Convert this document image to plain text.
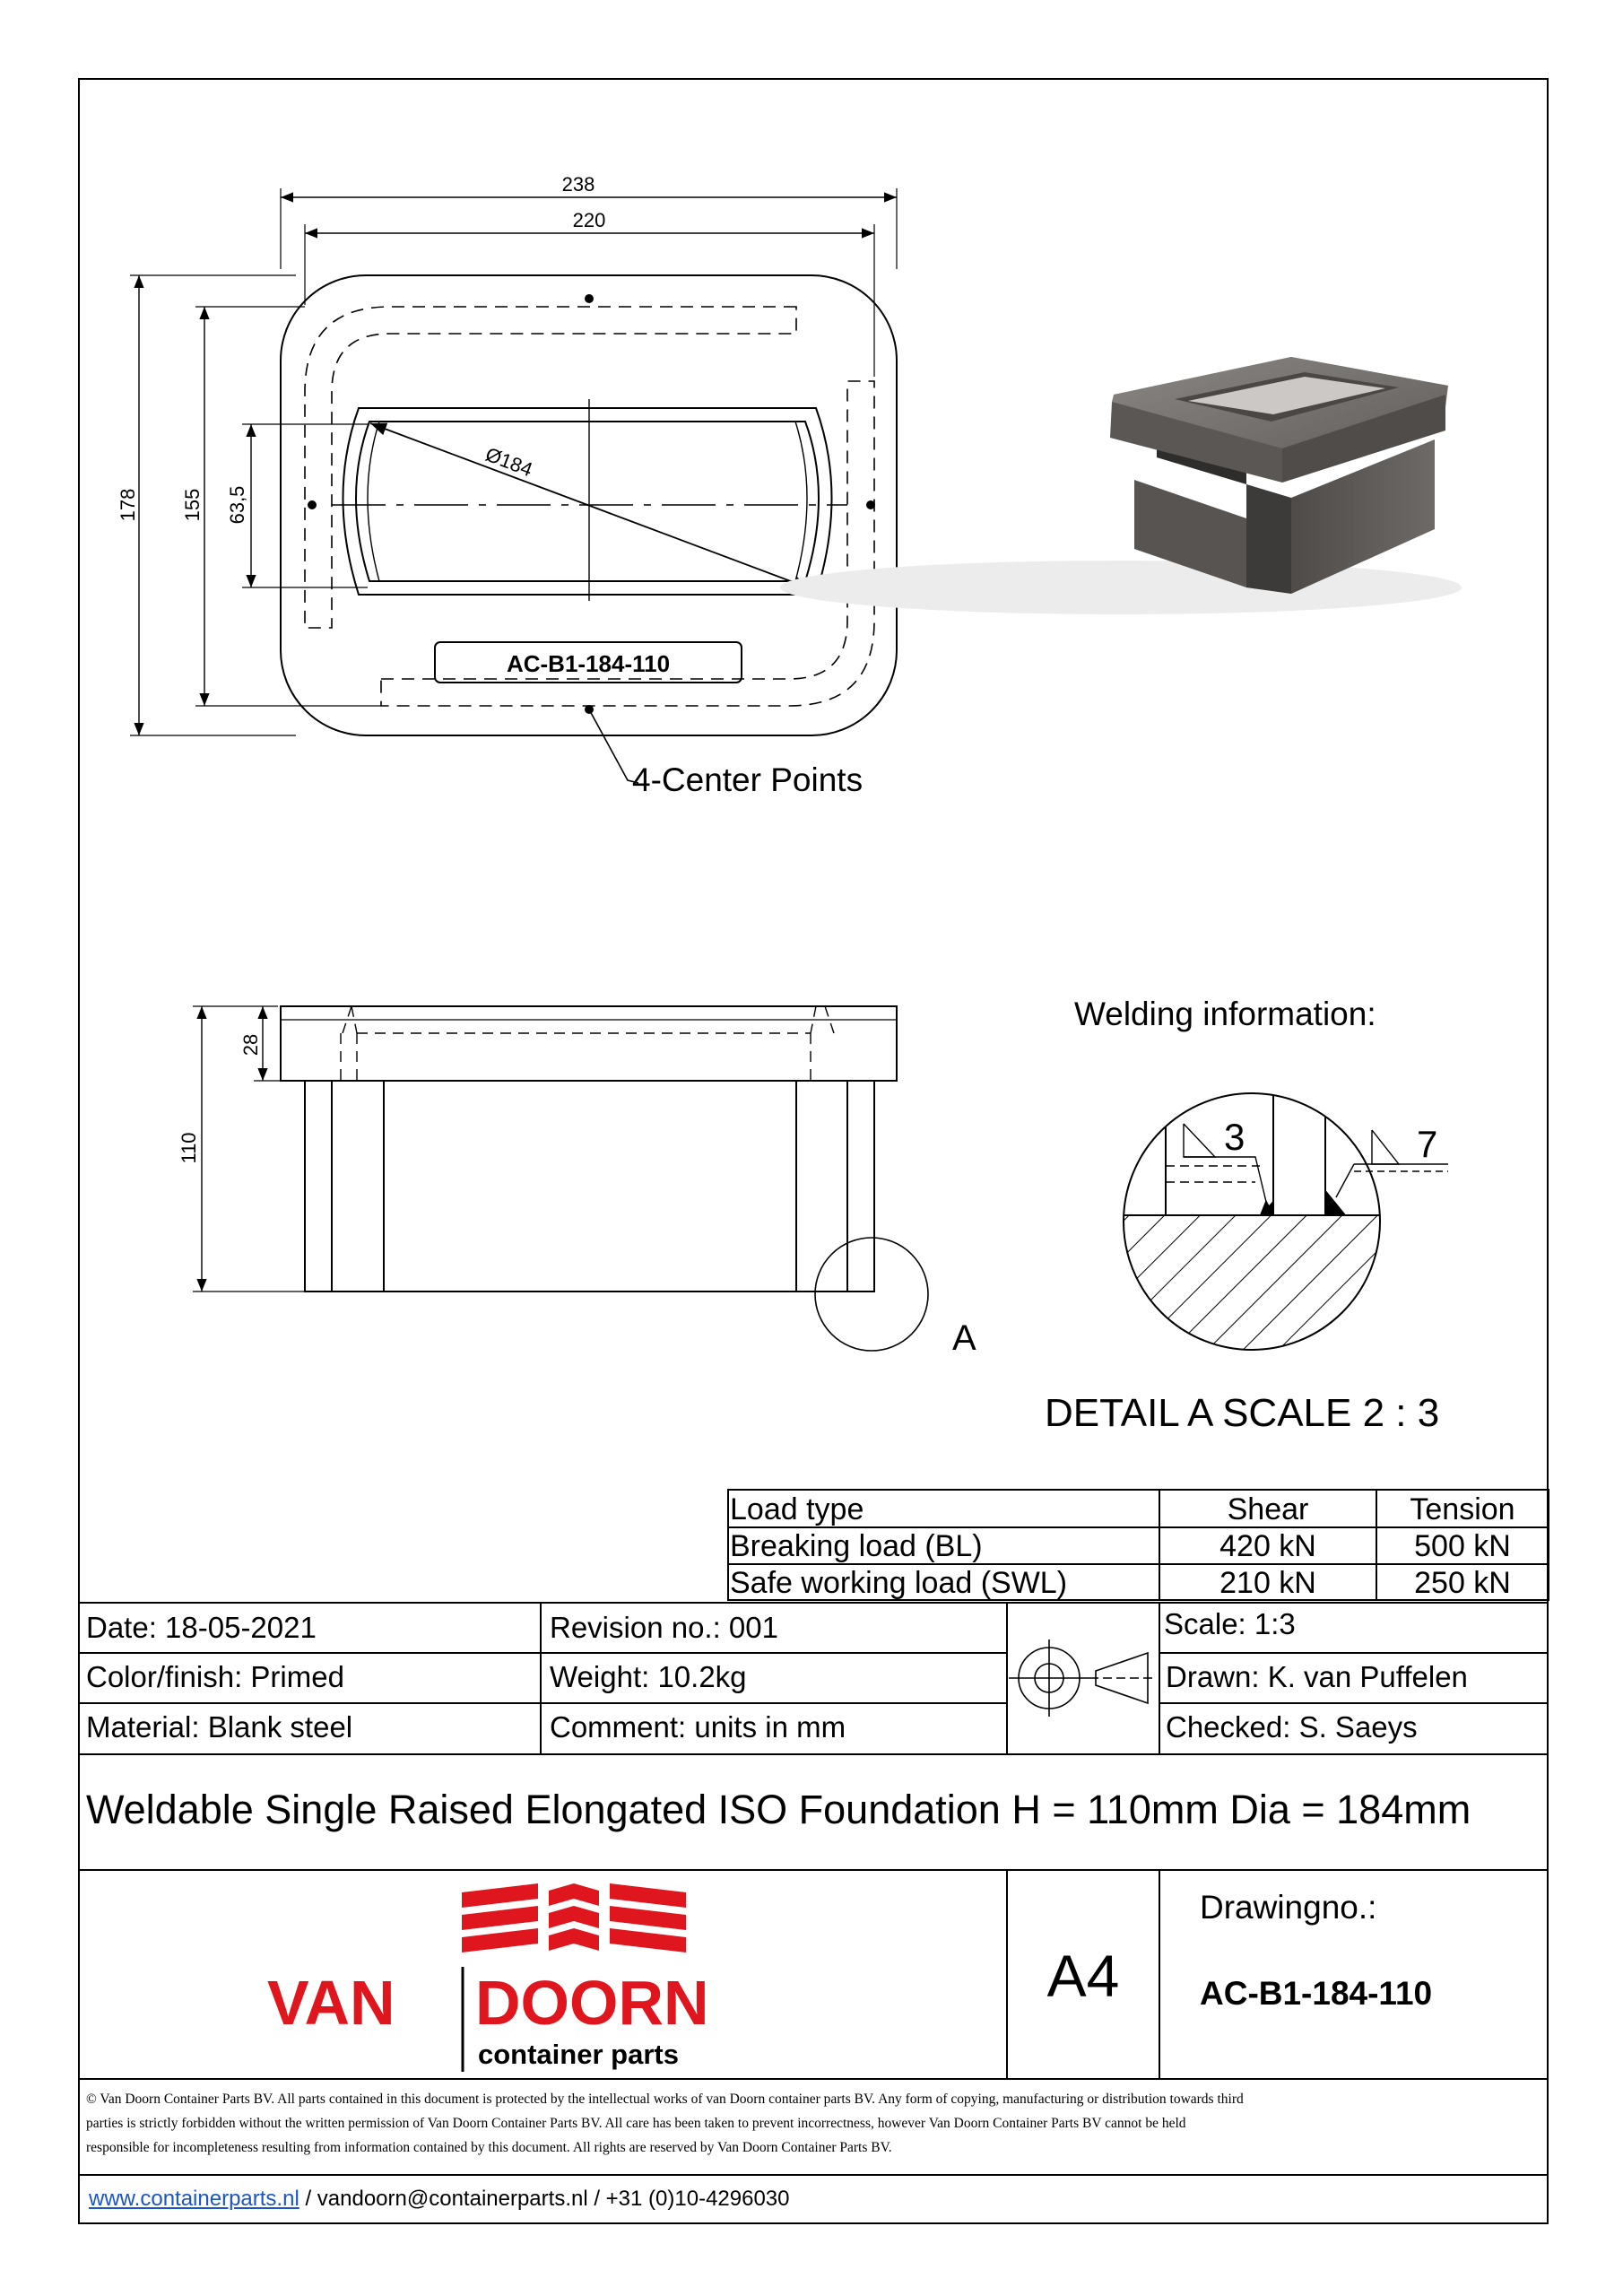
238
220
178 155 63,5
Ø184
AC-B1-184-110
4-Center Points
28
110
A
Welding information:
3	7
DETAIL A SCALE 2 : 3
Load type	Shear	Tension
Breaking load (BL)	420 kN	500 kN
Safe working load (SWL)	210 kN	250 kN
Date: 18-05-2021	Revision no.: 001	Scale: 1:3
Color/finish: Primed	Weight: 10.2kg	Drawn: K. van Puffelen
Material: Blank steel	Comment: units in mm	Checked: S. Saeys
Weldable Single Raised Elongated ISO Foundation H = 110mm Dia = 184mm
VAN DOORN
container parts
A4
Drawingno.:
AC-B1-184-110
© Van Doorn Container Parts BV. All parts contained in this document is protected by the intellectual works of van Doorn container parts BV. Any form of copying, manufacturing or distribution towards third
parties is strictly forbidden without the written permission of Van Doorn Container Parts BV. All care has been taken to prevent incorrectness, however Van Doorn Container Parts BV cannot be held
responsible for incompleteness resulting from information contained by this document. All rights are reserved by Van Doorn Container Parts BV.
www.containerparts.nl / vandoorn@containerparts.nl / +31 (0)10-4296030
